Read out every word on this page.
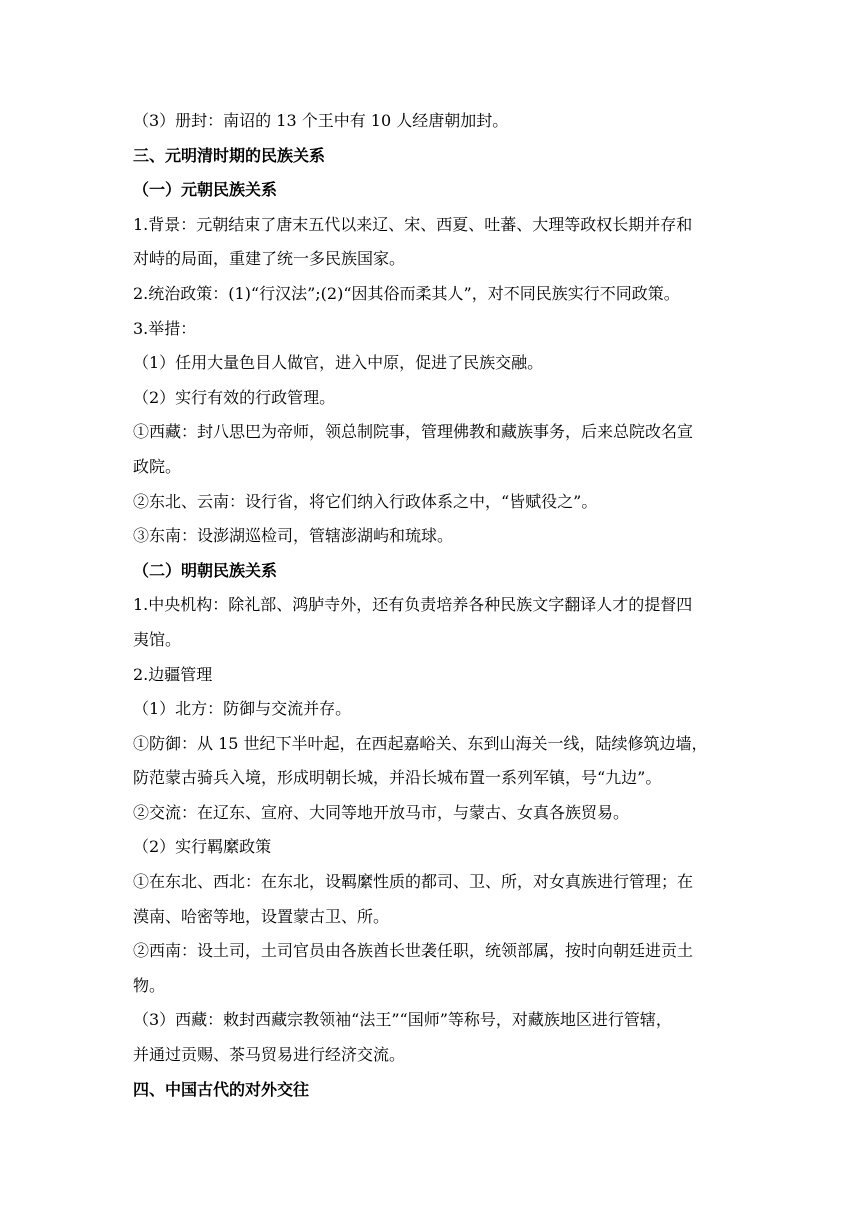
（3）册封：南诏的 13 个王中有 10 人经唐朝加封。
三、元明清时期的民族关系
（一）元朝民族关系
1.背景：元朝结束了唐末五代以来辽、宋、西夏、吐蕃、大理等政权长期并存和
对峙的局面，重建了统一多民族国家。
2.统治政策：(1)“行汉法”;(2)“因其俗而柔其人”，对不同民族实行不同政策。
3.举措：
（1）任用大量色目人做官，进入中原，促进了民族交融。
（2）实行有效的行政管理。
①西藏：封八思巴为帝师，领总制院事，管理佛教和藏族事务，后来总院改名宣
政院。
②东北、云南：设行省，将它们纳入行政体系之中，“皆赋役之”。
③东南：设澎湖巡检司，管辖澎湖屿和琉球。
（二）明朝民族关系
1.中央机构：除礼部、鸿胪寺外，还有负责培养各种民族文字翻译人才的提督四
夷馆。
2.边疆管理
（1）北方：防御与交流并存。
①防御：从 15 世纪下半叶起，在西起嘉峪关、东到山海关一线，陆续修筑边墙，
防范蒙古骑兵入境，形成明朝长城，并沿长城布置一系列军镇，号“九边”。
②交流：在辽东、宣府、大同等地开放马市，与蒙古、女真各族贸易。
（2）实行羁縻政策
①在东北、西北：在东北，设羁縻性质的都司、卫、所，对女真族进行管理；在
漠南、哈密等地，设置蒙古卫、所。
②西南：设土司，土司官员由各族酋长世袭任职，统领部属，按时向朝廷进贡土
物。
（3）西藏：敕封西藏宗教领袖“法王”“国师”等称号，对藏族地区进行管辖，
并通过贡赐、茶马贸易进行经济交流。
四、中国古代的对外交往
